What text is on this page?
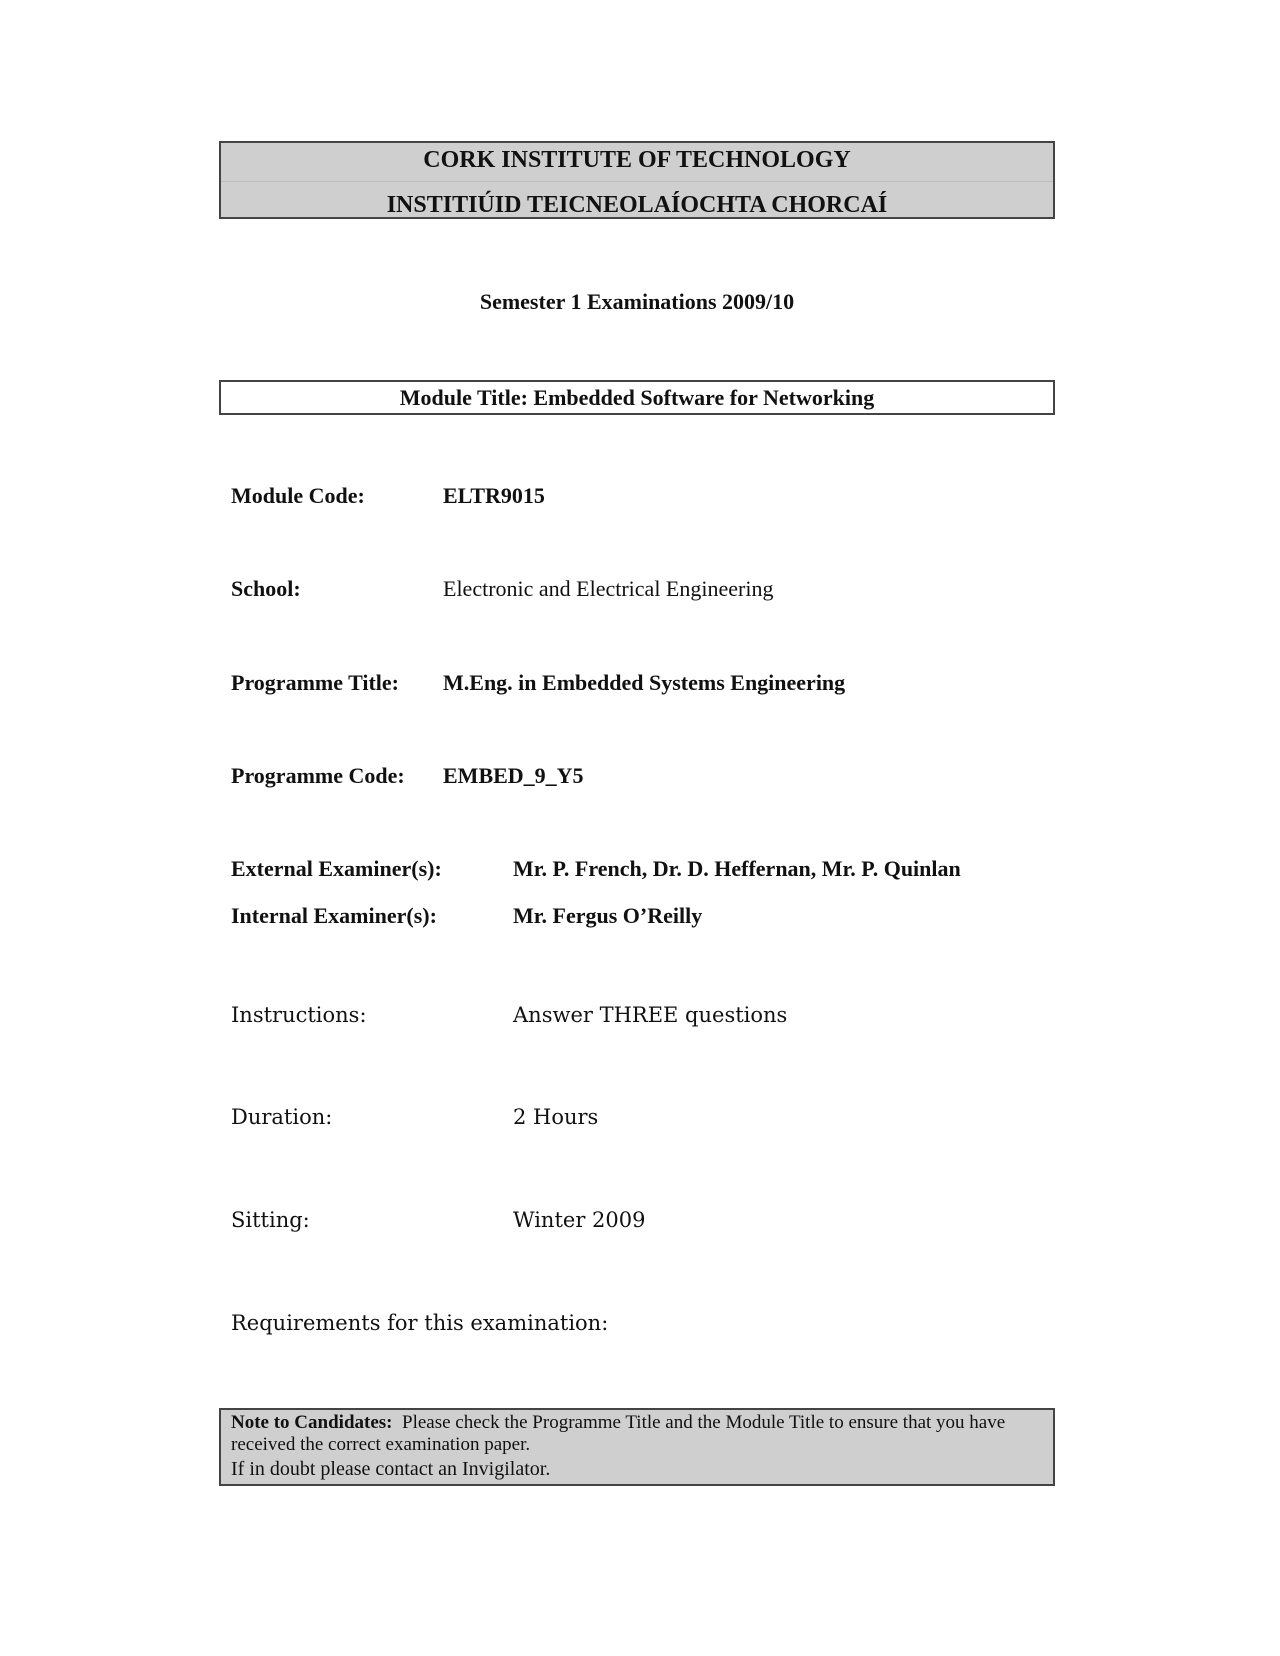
CORK INSTITUTE OF TECHNOLOGY
INSTITIÚID TEICNEOLAÍOCHTA CHORCAÍ
Semester 1 Examinations 2009/10
Module Title: Embedded Software for Networking
Module Code:	ELTR9015
School:	Electronic and Electrical Engineering
Programme Title: M.Eng. in Embedded Systems Engineering
Programme Code: EMBED_9_Y5
External Examiner(s):	Mr. P. French, Dr. D. Heffernan, Mr. P. Quinlan
Internal Examiner(s):	Mr. Fergus O’Reilly
Instructions:	Answer THREE questions
Duration:	2 Hours
Sitting:	Winter 2009
Requirements for this examination:
Note to Candidates: Please check the Programme Title and the Module Title to ensure that you have received the correct examination paper.
If in doubt please contact an Invigilator.
